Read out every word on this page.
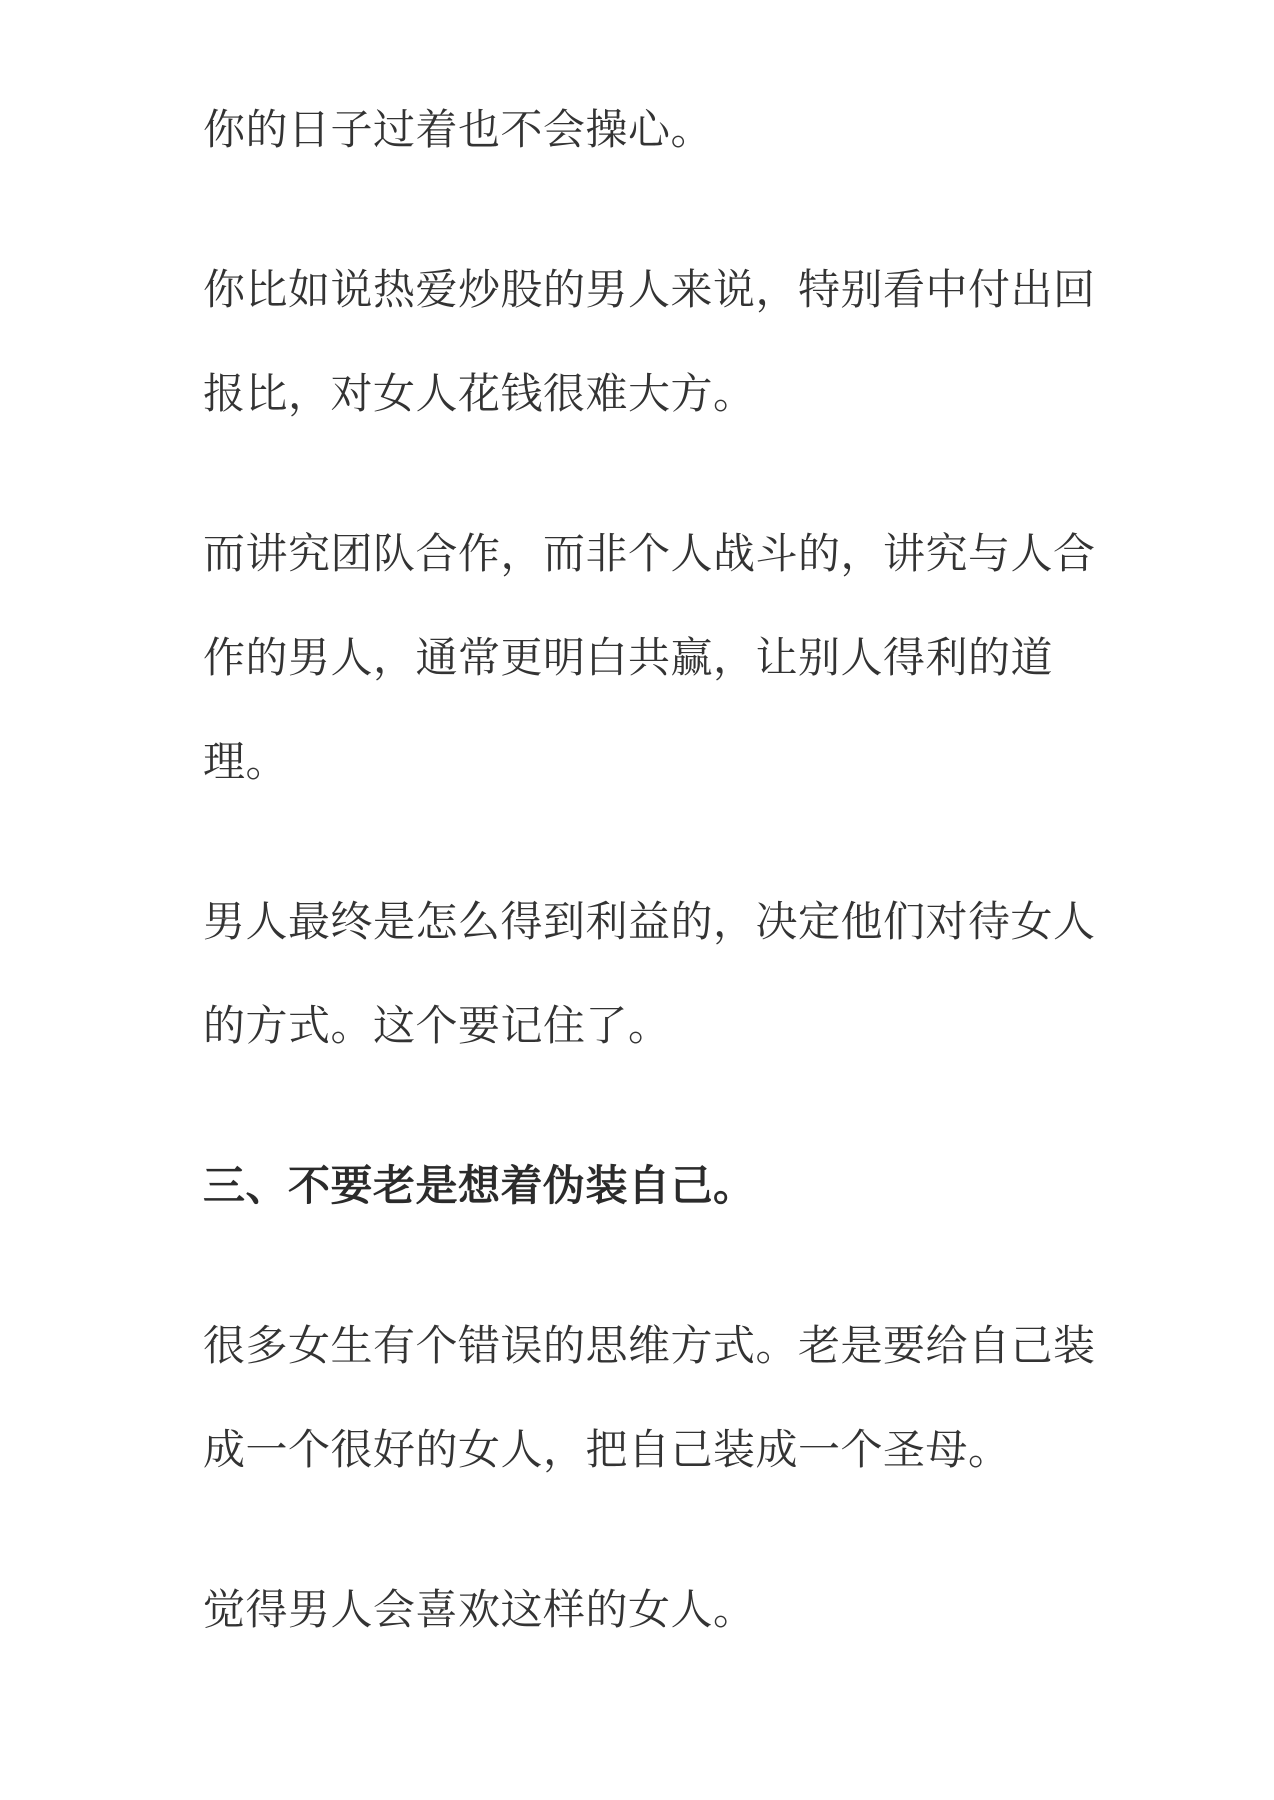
你的日子过着也不会操心。

你比如说热爱炒股的男人来说，特别看中付出回
报比，对女人花钱很难大方。

而讲究团队合作，而非个人战斗的，讲究与人合
作的男人，通常更明白共赢，让别人得利的道
理。

男人最终是怎么得到利益的，决定他们对待女人
的方式。这个要记住了。

三、不要老是想着伪装自己。

很多女生有个错误的思维方式。老是要给自己装
成一个很好的女人，把自己装成一个圣母。

觉得男人会喜欢这样的女人。
